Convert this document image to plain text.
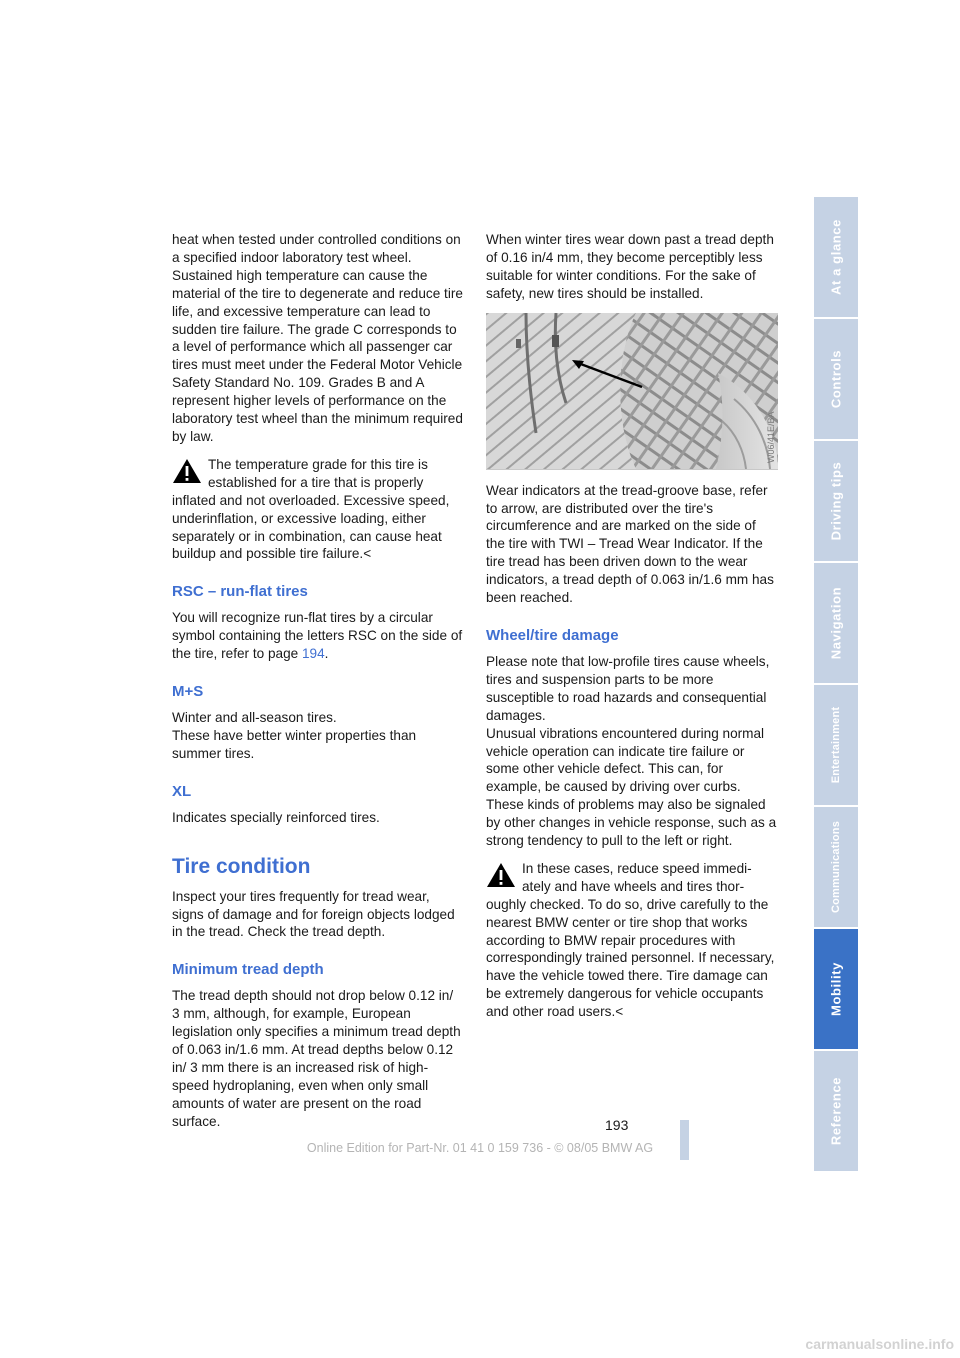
heat when tested under controlled conditions on a specified indoor laboratory test wheel. Sustained high temperature can cause the material of the tire to degenerate and reduce tire life, and excessive temperature can lead to sudden tire failure. The grade C corresponds to a level of performance which all passenger car tires must meet under the Federal Motor Vehicle Safety Standard No. 109. Grades B and A represent higher levels of performance on the laboratory test wheel than the minimum required by law.

The temperature grade for this tire is
established for a tire that is properly inflated and not overloaded. Excessive speed, underinflation, or excessive loading, either separately or in combination, can cause heat buildup and possible tire failure.<
RSC – run-flat tires

You will recognize run-flat tires by a circular symbol containing the letters RSC on the side of the tire, refer to page 194.

M+S

Winter and all-season tires.

These have better winter properties than summer tires.

XL

Indicates specially reinforced tires.

Tire condition

Inspect your tires frequently for tread wear, signs of damage and for foreign objects lodged in the tread. Check the tread depth.

Minimum tread depth

The tread depth should not drop below 0.12 in/ 3 mm, although, for example, European legislation only specifies a minimum tread depth of 0.063 in/1.6 mm. At tread depths below 0.12 in/ 3 mm there is an increased risk of high-speed hydroplaning, even when only small amounts of water are present on the road surface.

When winter tires wear down past a tread depth of 0.16 in/4 mm, they become perceptibly less suitable for winter conditions. For the sake of safety, new tires should be installed.

W06/41E/BA

Wear indicators at the tread-groove base, refer to arrow, are distributed over the tire's circumference and are marked on the side of the tire with TWI – Tread Wear Indicator. If the tire tread has been driven down to the wear indicators, a tread depth of 0.063 in/1.6 mm has been reached.

Wheel/tire damage

Please note that low-profile tires cause wheels, tires and suspension parts to be more susceptible to road hazards and consequential damages.

Unusual vibrations encountered during normal vehicle operation can indicate tire failure or some other vehicle defect. This can, for example, be caused by driving over curbs. These kinds of problems may also be signaled by other changes in vehicle response, such as a strong tendency to pull to the left or right.

In these cases, reduce speed immedi-
ately and have wheels and tires thor-
oughly checked. To do so, drive carefully to the nearest BMW center or tire shop that works according to BMW repair procedures with correspondingly trained personnel. If necessary, have the vehicle towed there. Tire damage can be extremely dangerous for vehicle occupants and other road users.<
At a glance
Controls
Driving tips
Navigation
Entertainment
Communications
Mobility
Reference
193
Online Edition for Part-Nr. 01 41 0 159 736 - © 08/05 BMW AG
carmanualsonline.info
